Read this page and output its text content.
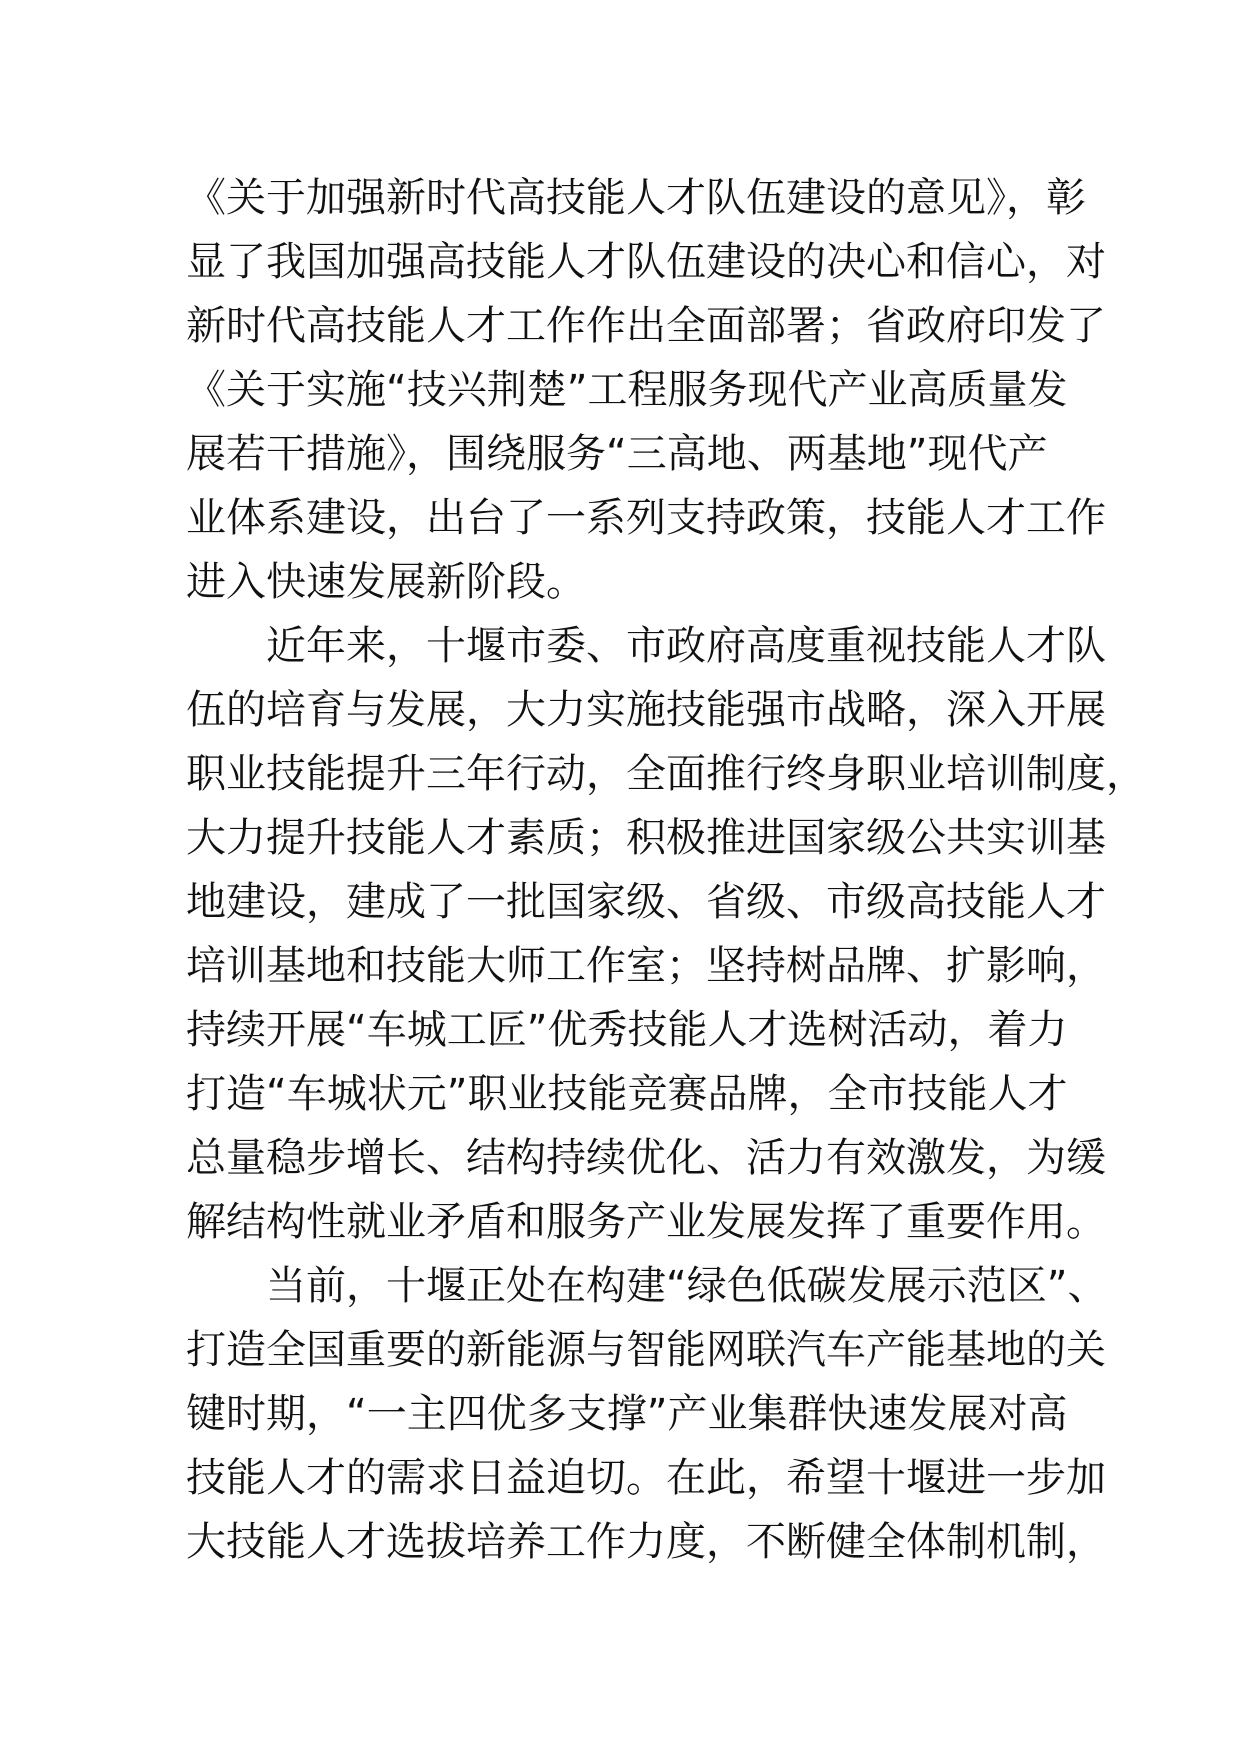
《关于加强新时代高技能人才队伍建设的意见》，彰
显了我国加强高技能人才队伍建设的决心和信心，对
新时代高技能人才工作作出全面部署；省政府印发了
《关于实施“技兴荆楚”工程服务现代产业高质量发
展若干措施》，围绕服务“三高地、两基地”现代产
业体系建设，出台了一系列支持政策，技能人才工作
进入快速发展新阶段。
近年来，十堰市委、市政府高度重视技能人才队
伍的培育与发展，大力实施技能强市战略，深入开展
职业技能提升三年行动，全面推行终身职业培训制度，
大力提升技能人才素质；积极推进国家级公共实训基
地建设，建成了一批国家级、省级、市级高技能人才
培训基地和技能大师工作室；坚持树品牌、扩影响，
持续开展“车城工匠”优秀技能人才选树活动，着力
打造“车城状元”职业技能竞赛品牌，全市技能人才
总量稳步增长、结构持续优化、活力有效激发，为缓
解结构性就业矛盾和服务产业发展发挥了重要作用。
当前，十堰正处在构建“绿色低碳发展示范区”、
打造全国重要的新能源与智能网联汽车产能基地的关
键时期，“一主四优多支撑”产业集群快速发展对高
技能人才的需求日益迫切。在此，希望十堰进一步加
大技能人才选拔培养工作力度，不断健全体制机制，
